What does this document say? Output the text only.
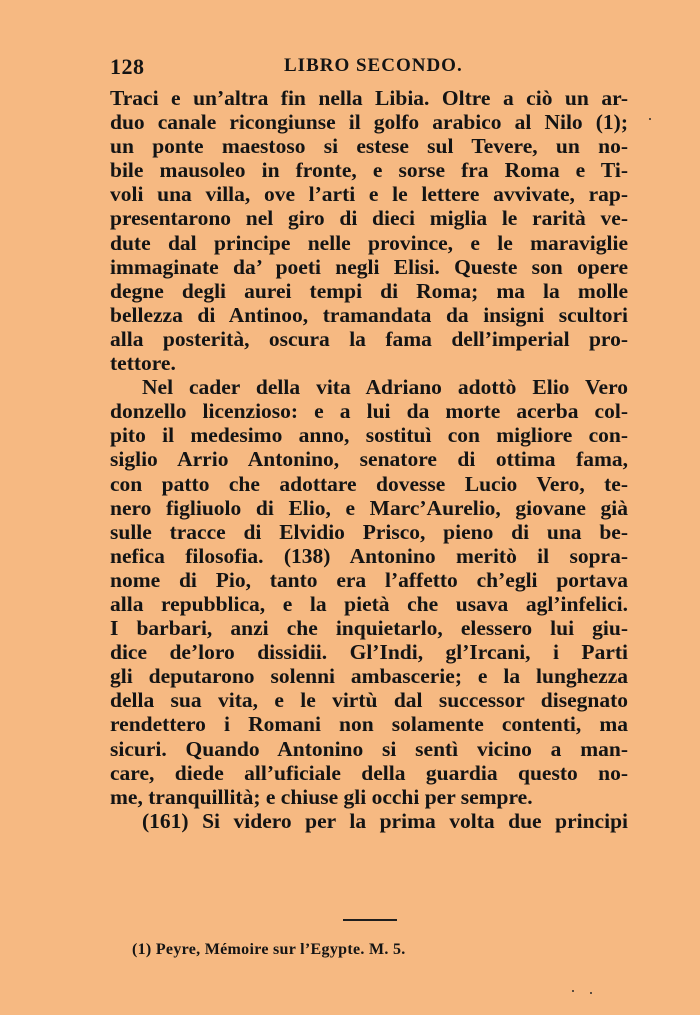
128	LIBRO SECONDO.
Traci e un’altra fin nella Libia. Oltre a ciò un ar-
duo canale ricongiunse il golfo arabico al Nilo (1);
un ponte maestoso si estese sul Tevere, un no-
bile mausoleo in fronte, e sorse fra Roma e Ti-
voli una villa, ove l’arti e le lettere avvivate, rap-
presentarono nel giro di dieci miglia le rarità ve-
dute dal principe nelle province, e le maraviglie
immaginate da’ poeti negli Elisi. Queste son opere
degne degli aurei tempi di Roma; ma la molle
bellezza di Antinoo, tramandata da insigni scultori
alla posterità, oscura la fama dell’imperial pro-
tettore.
Nel cader della vita Adriano adottò Elio Vero
donzello licenzioso: e a lui da morte acerba col-
pito il medesimo anno, sostituì con migliore con-
siglio Arrio Antonino, senatore di ottima fama,
con patto che adottare dovesse Lucio Vero, te-
nero figliuolo di Elio, e Marc’Aurelio, giovane già
sulle tracce di Elvidio Prisco, pieno di una be-
nefica filosofia. (138) Antonino meritò il sopra-
nome di Pio, tanto era l’affetto ch’egli portava
alla repubblica, e la pietà che usava agl’infelici.
I barbari, anzi che inquietarlo, elessero lui giu-
dice de’loro dissidii. Gl’Indi, gl’Ircani, i Parti
gli deputarono solenni ambascerie; e la lunghezza
della sua vita, e le virtù dal successor disegnato
rendettero i Romani non solamente contenti, ma
sicuri. Quando Antonino si sentì vicino a man-
care, diede all’uficiale della guardia questo no-
me, tranquillità; e chiuse gli occhi per sempre.
(161) Si videro per la prima volta due principi
(1) Peyre, Mémoire sur l’Egypte. M. 5.
